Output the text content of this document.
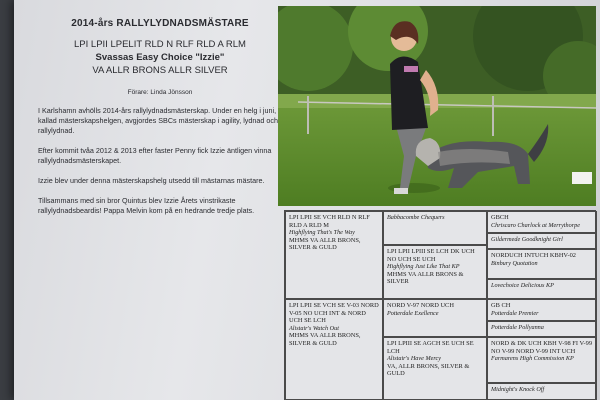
2014-års RALLYLYDNADSMÄSTARE
LPI LPII LPELIT RLD N RLF RLD A RLM
Svassas Easy Choice "Izzie"
VA ALLR BRONS ALLR SILVER
Förare: Linda Jönsson

I Karlshamn avhölls 2014-års rallylydnadsmästerskap. Under en helg i juni, kallad mästerskapshelgen, avgjordes SBCs mästerskap i agility, lydnad och rallylydnad.

Efter kommit tvåa 2012 & 2013 efter faster Penny fick Izzie äntligen vinna rallylydnadsmästerskapet.

Izzie blev under denna mästerskapshelg utsedd till mästarnas mästare.

Tillsammans med sin bror Quintus blev Izzie Årets vinstrikaste rallylydnadsbeardis! Pappa Melvin kom på en hedrande tredje plats.

LPI LPII SE VCH RLD N RLF RLD A RLD M
Highflying That's The Way
MHMS VA ALLR BRONS, SILVER & GULD
LPI LPII SE VCH SE V-03 NORD V-05 NO UCH INT & NORD UCH SE LCH
Alistair's Watch Out
MHMS VA ALLR BRONS, SILVER & GULD
Babbacombe Chequers
LPI LPII LPIII SE LCH DK UCH NO UCH SE UCH
Highflying Just Like That KP
MHMS VA ALLR BRONS & SILVER
NORD V-97 NORD UCH
Potterdale Exellence
LPI LPIII SE AGCH SE UCH SE LCH
Alistair's Have Mercy
VA, ALLR BRONS, SILVER & GULD
GBCH
Chriscaro Charlock at Merrythorpe
Gildermede Goodknight Girl
NORDUCH INTUCH KBHV-02
Binbury Quotation
Lovechoice Delicious KP
GB CH
Potterdale Premier
Potterdale Pollyanna
NORD & DK UCH KBH V-98 FI V-99 NO V-99 NORD V-99 INT UCH
Farmarens High Commission KP
Midnight's Knock Off
